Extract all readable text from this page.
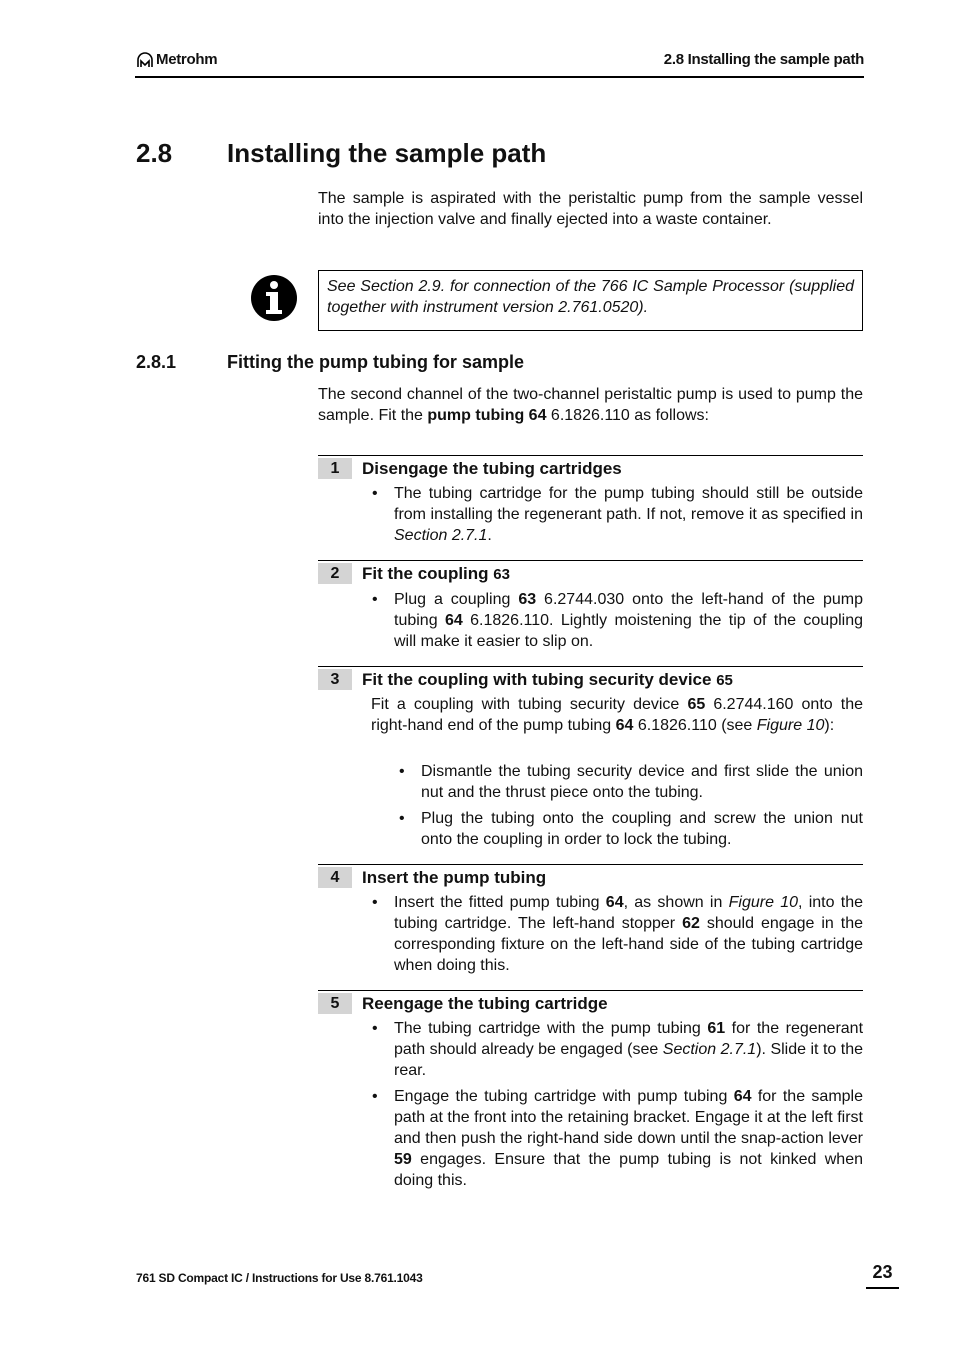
Metrohm	2.8 Installing the sample path
2.8 Installing the sample path
The sample is aspirated with the peristaltic pump from the sample vessel into the injection valve and finally ejected into a waste container.
See Section 2.9. for connection of the 766 IC Sample Processor (supplied together with instrument version 2.761.0520).
2.8.1	Fitting the pump tubing for sample
The second channel of the two-channel peristaltic pump is used to pump the sample. Fit the pump tubing 64 6.1826.110 as follows:
1	Disengage the tubing cartridges
• The tubing cartridge for the pump tubing should still be outside from installing the regenerant path. If not, remove it as specified in Section 2.7.1.
2	Fit the coupling 63
• Plug a coupling 63 6.2744.030 onto the left-hand of the pump tubing 64 6.1826.110. Lightly moistening the tip of the coupling will make it easier to slip on.
3	Fit the coupling with tubing security device 65
Fit a coupling with tubing security device 65 6.2744.160 onto the right-hand end of the pump tubing 64 6.1826.110 (see Figure 10):
• Dismantle the tubing security device and first slide the union nut and the thrust piece onto the tubing.
• Plug the tubing onto the coupling and screw the union nut onto the coupling in order to lock the tubing.
4	Insert the pump tubing
• Insert the fitted pump tubing 64, as shown in Figure 10, into the tubing cartridge. The left-hand stopper 62 should engage in the corresponding fixture on the left-hand side of the tubing cartridge when doing this.
5	Reengage the tubing cartridge
• The tubing cartridge with the pump tubing 61 for the regenerant path should already be engaged (see Section 2.7.1). Slide it to the rear.
• Engage the tubing cartridge with pump tubing 64 for the sample path at the front into the retaining bracket. Engage it at the left first and then push the right-hand side down until the snap-action lever 59 engages. Ensure that the pump tubing is not kinked when doing this.
761 SD Compact IC / Instructions for Use 8.761.1043	23
